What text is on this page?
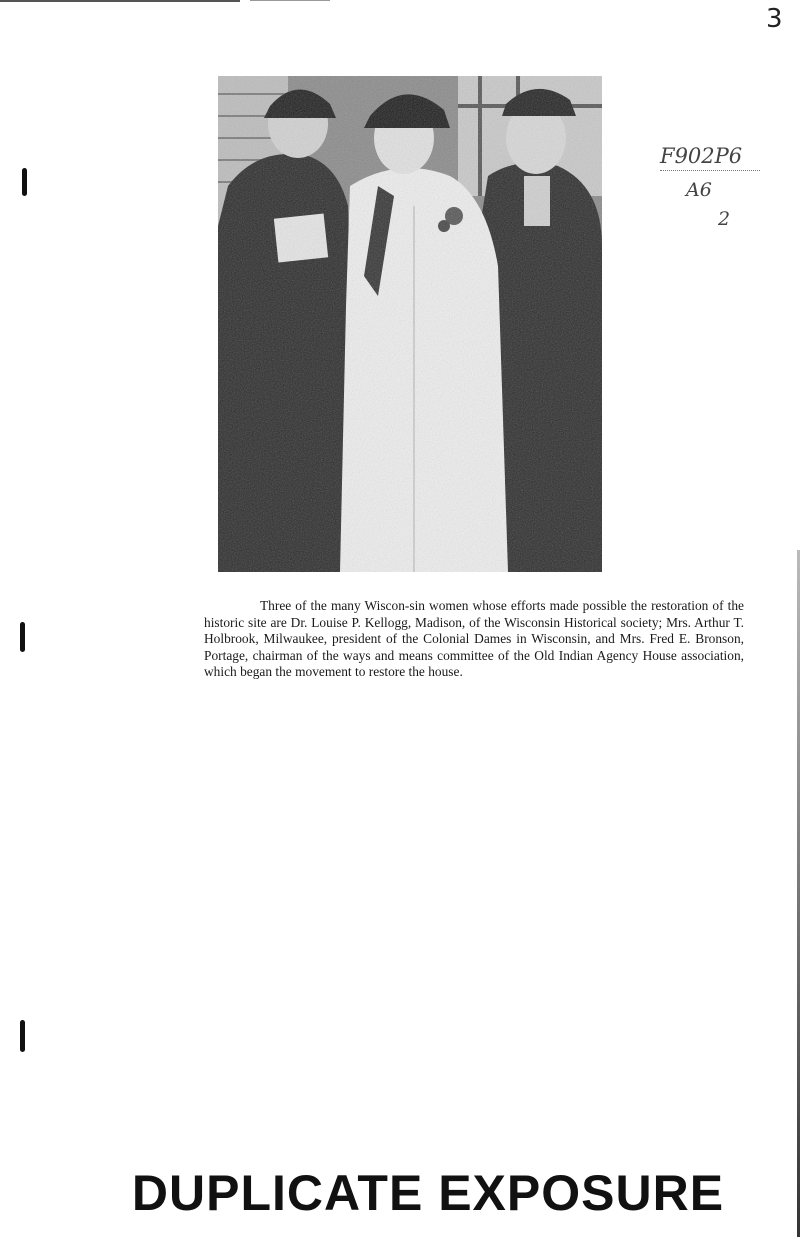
3
F902P6
A6
2

Three of the many Wiscon-sin women whose efforts made possible the restoration of the historic site are Dr. Louise P. Kellogg, Madison, of the Wisconsin Historical society; Mrs. Arthur T. Holbrook, Milwaukee, president of the Colonial Dames in Wisconsin, and Mrs. Fred E. Bronson, Portage, chairman of the ways and means committee of the Old Indian Agency House association, which began the movement to restore the house.

DUPLICATE EXPOSURE
